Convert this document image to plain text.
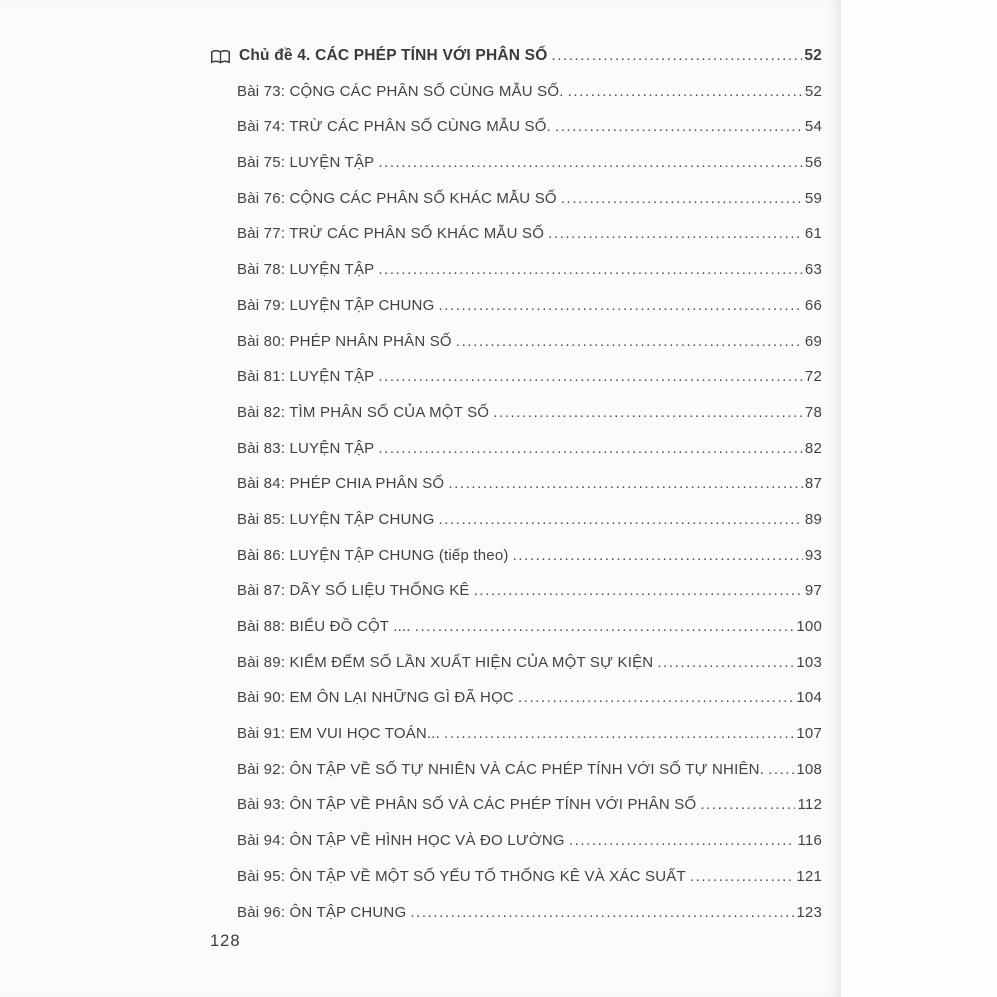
Chủ đề 4. CÁC PHÉP TÍNH VỚI PHÂN SỐ .....	52
Bài 73: CỘNG CÁC PHÂN SỐ CÙNG MẪU SỐ. .....	52
Bài 74: TRỪ CÁC PHÂN SỐ CÙNG MẪU SỐ. .....	54
Bài 75: LUYỆN TẬP .....	56
Bài 76: CỘNG CÁC PHÂN SỐ KHÁC MẪU SỐ .....	59
Bài 77: TRỪ CÁC PHÂN SỐ KHÁC MẪU SỐ .....	61
Bài 78: LUYỆN TẬP .....	63
Bài 79: LUYỆN TẬP CHUNG .....	66
Bài 80: PHÉP NHÂN PHÂN SỐ .....	69
Bài 81: LUYỆN TẬP .....	72
Bài 82: TÌM PHÂN SỐ CỦA MỘT SỐ .....	78
Bài 83: LUYỆN TẬP .....	82
Bài 84: PHÉP CHIA PHÂN SỐ .....	87
Bài 85: LUYỆN TẬP CHUNG .....	89
Bài 86: LUYỆN TẬP CHUNG (tiếp theo) .....	93
Bài 87: DÃY SỐ LIỆU THỐNG KÊ .....	97
Bài 88: BIỂU ĐỒ CỘT .... .....	100
Bài 89: KIỂM ĐẾM SỐ LẦN XUẤT HIỆN CỦA MỘT SỰ KIỆN .....	103
Bài 90: EM ÔN LẠI NHỮNG GÌ ĐÃ HỌC .....	104
Bài 91: EM VUI HỌC TOÁN... .....	107
Bài 92: ÔN TẬP VỀ SỐ TỰ NHIÊN VÀ CÁC PHÉP TÍNH VỚI SỐ TỰ NHIÊN. ..... 108
Bài 93: ÔN TẬP VỀ PHÂN SỐ VÀ CÁC PHÉP TÍNH VỚI PHÂN SỐ .....	112
Bài 94: ÔN TẬP VỀ HÌNH HỌC VÀ ĐO LƯỜNG .....	116
Bài 95: ÔN TẬP VỀ MỘT SỐ YẾU TỐ THỐNG KÊ VÀ XÁC SUẤT .....	121
Bài 96: ÔN TẬP CHUNG .....	123
128
